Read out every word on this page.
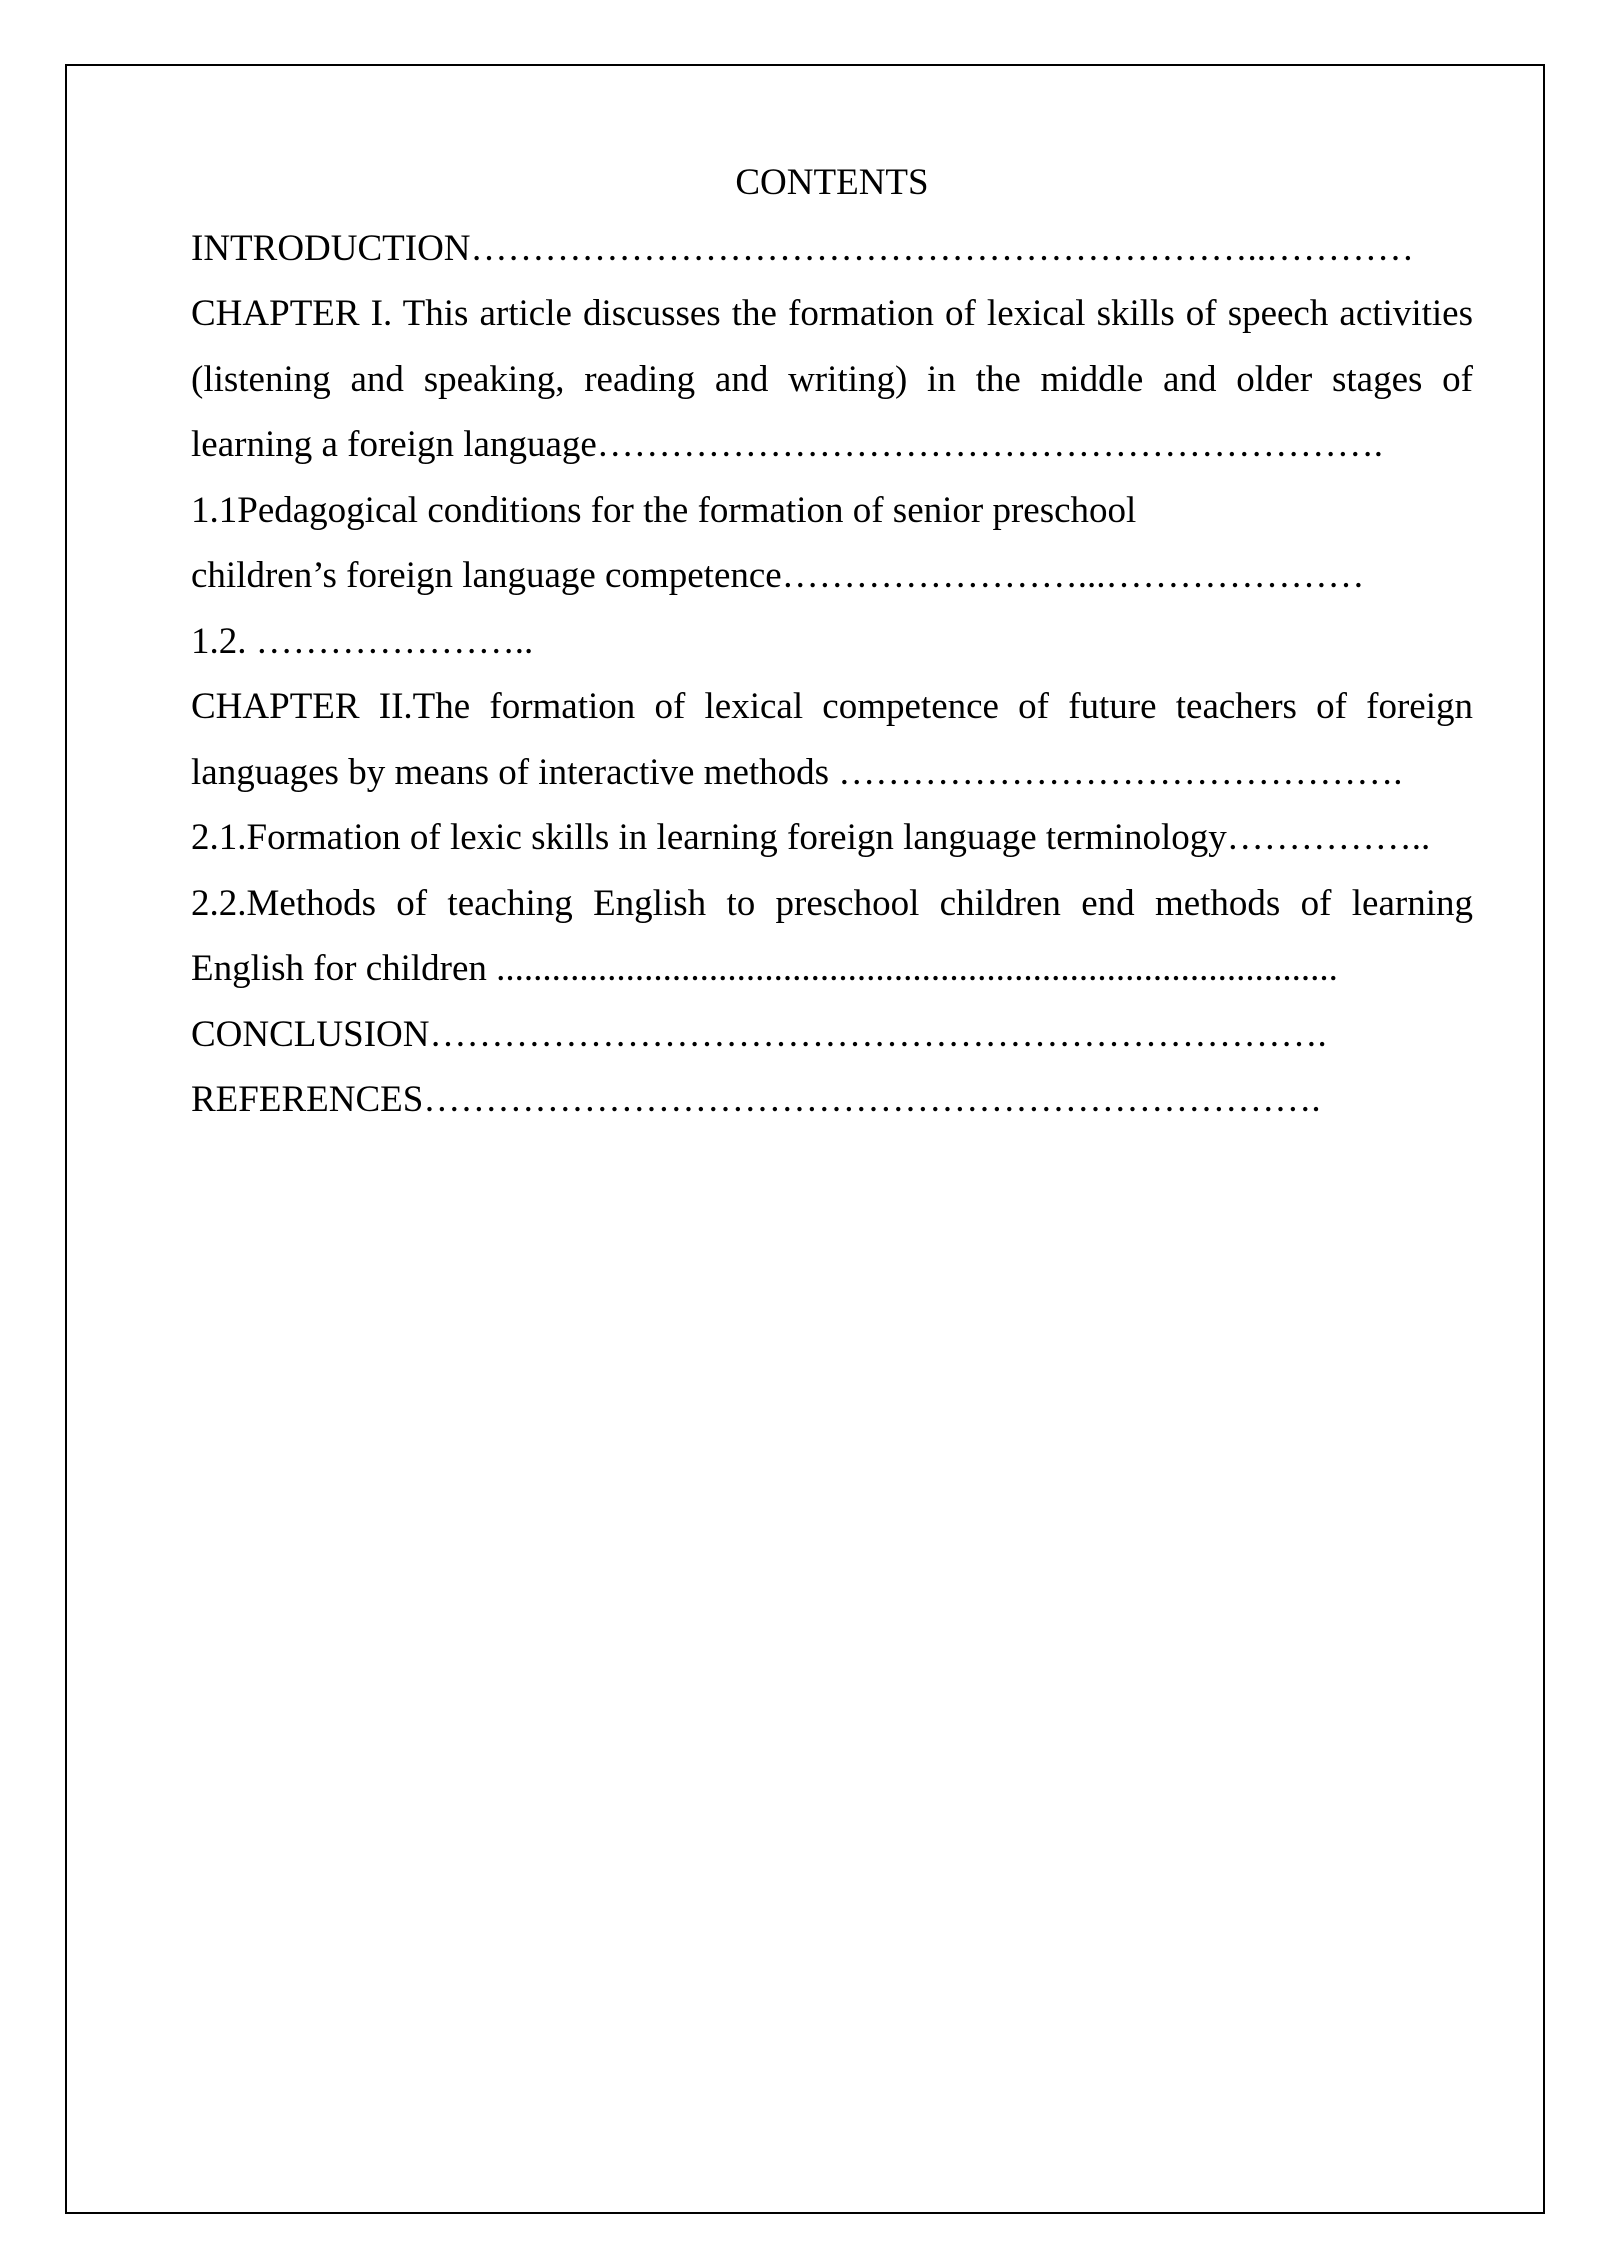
CONTENTS

INTRODUCTION………………………………………………………..…………

CHAPTER I. This article discusses the formation of lexical skills of speech activities (listening and speaking, reading and writing) in the middle and older stages of learning a foreign language……………………………………………………….

1.1Pedagogical conditions for the formation of senior preschool

children’s foreign language competence……………………...…………………

1.2. …………………..

CHAPTER II.The formation of lexical competence of future teachers of foreign languages by means of interactive methods ……………………………………….

2.1.Formation of lexic skills in learning foreign language terminology……………..

2.2.Methods of teaching English to preschool children end methods of learning English for children ...........................................................................................

CONCLUSION……………………………………………………………….

REFERENCES……………………………………………………………….
